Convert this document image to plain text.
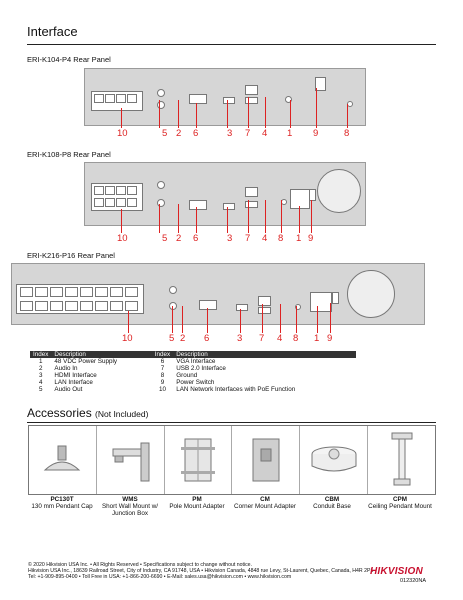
Interface
ERI-K104-P4 Rear Panel
10	5 2 6	3 7 4 1 9	8
ERI-K108-P8 Rear Panel
10	5 2 6	3 7 4 8 1 9
ERI-K216-P16 Rear Panel
10	5 2 6	3 7 4 8 1 9
Index	Description	Index	Description
1	48 VDC Power Supply	6	VGA Interface
2	Audio In	7	USB 2.0 Interface
3	HDMI Interface	8	Ground
4	LAN Interface	9	Power Switch
5	Audio Out	10	LAN Network Interfaces with PoE Function
Accessories (Not Included)
PC130T
130 mm Pendant Cap
WMS
Short Wall Mount w/ Junction Box
PM
Pole Mount Adapter
CM
Corner Mount Adapter
CBM
Conduit Base
CPM
Ceiling Pendant Mount
© 2020 Hikvision USA Inc. • All Rights Reserved • Specifications subject to change without notice.
Hikvision USA Inc., 18639 Railroad Street, City of Industry, CA 91748, USA • Hikvision Canada, 4848 rue Levy, St-Laurent, Quebec, Canada, H4R 2P1
Tel: +1-909-895-0400 • Toll Free in USA: +1-866-200-6690 • E-Mail: sales.usa@hikvision.com • www.hikvision.com	HIKVISION
012320NA
